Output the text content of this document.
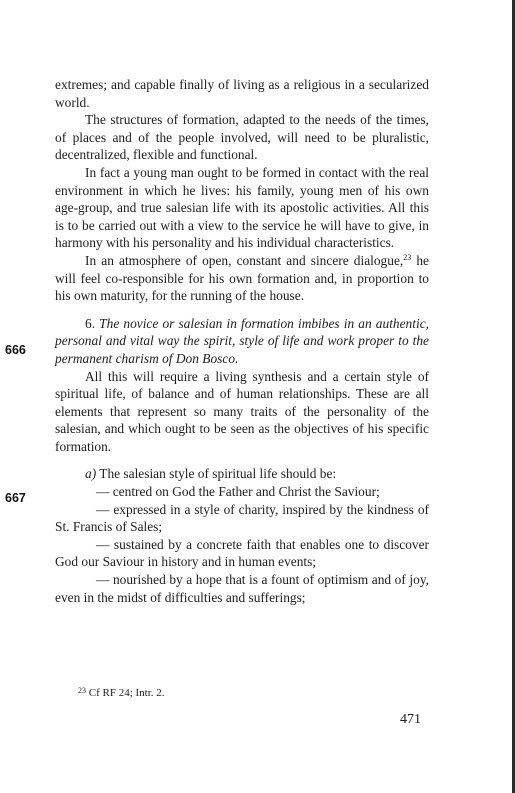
666
667

extremes; and capable finally of living as a religious in a secularized world.

The structures of formation, adapted to the needs of the times, of places and of the people involved, will need to be pluralistic, decentralized, flexible and functional.

In fact a young man ought to be formed in contact with the real environment in which he lives: his family, young men of his own age-group, and true salesian life with its apostolic activities. All this is to be carried out with a view to the service he will have to give, in harmony with his personality and his individual characteristics.

In an atmosphere of open, constant and sincere dialogue,$^{23}$ he will feel co-responsible for his own formation and, in proportion to his own maturity, for the running of the house.

6. The novice or salesian in formation imbibes in an authentic, personal and vital way the spirit, style of life and work proper to the permanent charism of Don Bosco.

All this will require a living synthesis and a certain style of spiritual life, of balance and of human relationships. These are all elements that represent so many traits of the personality of the salesian, and which ought to be seen as the objectives of his specific formation.

a) The salesian style of spiritual life should be:

— centred on God the Father and Christ the Saviour;

— expressed in a style of charity, inspired by the kindness of St. Francis of Sales;

— sustained by a concrete faith that enables one to discover God our Saviour in history and in human events;

— nourished by a hope that is a fount of optimism and of joy, even in the midst of difficulties and sufferings;

$^{23}$ Cf RF 24; Intr. 2.
471
